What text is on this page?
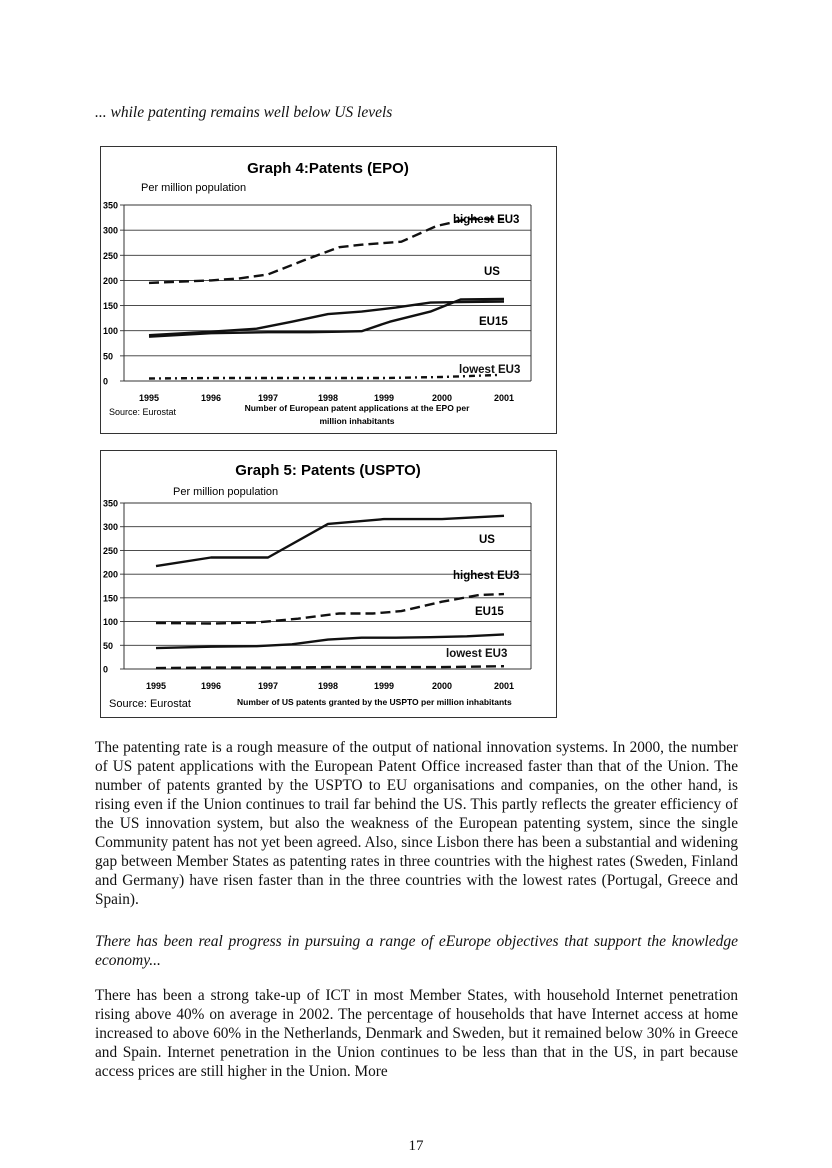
... while patenting remains well below US levels
Graph 4:Patents (EPO)
Per million population
350
300
250
200
150
100
50
0
1995	1996	1997	1998	1999	2000	2001
highest EU3
US
EU15
lowest EU3
Source: Eurostat	Number of European patent applications at the EPO per
million inhabitants
Graph 5: Patents (USPTO)
Per million population
350
300
250
200
150
100
50
0
1995	1996	1997	1998	1999	2000	2001
US
highest EU3
EU15
lowest EU3
Source: Eurostat	Number of US patents granted by the USPTO per million inhabitants

The patenting rate is a rough measure of the output of national innovation systems. In 2000, the number of US patent applications with the European Patent Office increased faster than that of the Union. The number of patents granted by the USPTO to EU organisations and companies, on the other hand, is rising even if the Union continues to trail far behind the US. This partly reflects the greater efficiency of the US innovation system, but also the weakness of the European patenting system, since the single Community patent has not yet been agreed. Also, since Lisbon there has been a substantial and widening gap between Member States as patenting rates in three countries with the highest rates (Sweden, Finland and Germany) have risen faster than in the three countries with the lowest rates (Portugal, Greece and Spain).

There has been real progress in pursuing a range of eEurope objectives that support the knowledge economy...

There has been a strong take-up of ICT in most Member States, with household Internet penetration rising above 40% on average in 2002. The percentage of households that have Internet access at home increased to above 60% in the Netherlands, Denmark and Sweden, but it remained below 30% in Greece and Spain. Internet penetration in the Union continues to be less than that in the US, in part because access prices are still higher in the Union. More

17
